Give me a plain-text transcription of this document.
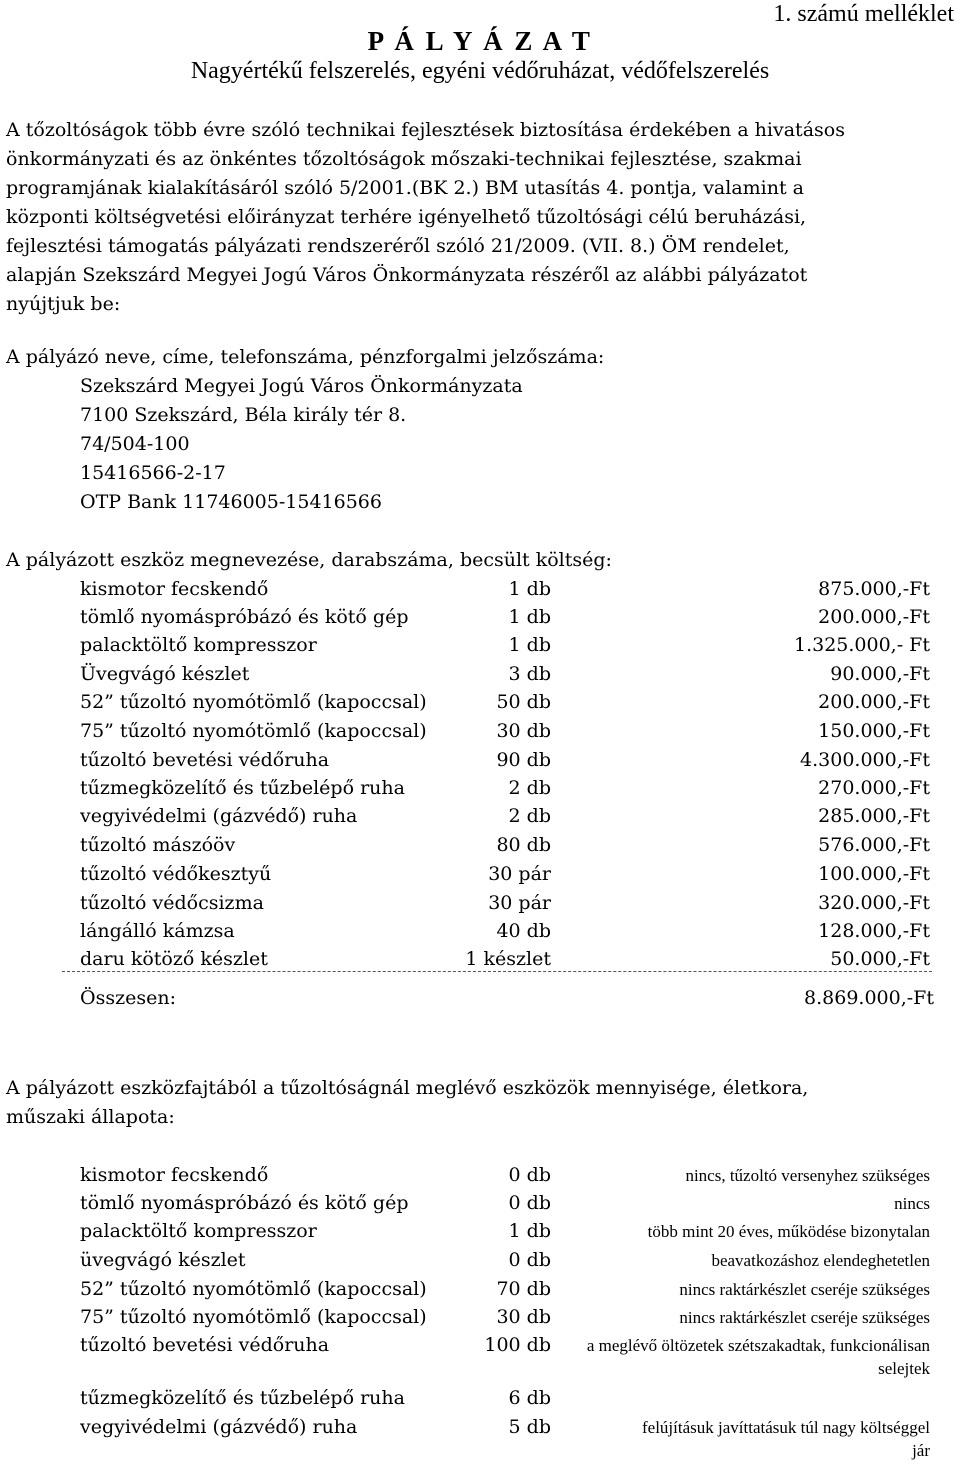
1. számú melléklet
P Á L Y Á Z A T
Nagyértékű felszerelés, egyéni védőruházat, védőfelszerelés

A tőzoltóságok több évre szóló technikai fejlesztések biztosítása érdekében a hivatásos
önkormányzati és az önkéntes tőzoltóságok mőszaki-technikai fejlesztése, szakmai
programjának kialakításáról szóló 5/2001.(BK 2.) BM utasítás 4. pontja, valamint a
központi költségvetési előirányzat terhére igényelhető tűzoltósági célú beruházási,
fejlesztési támogatás pályázati rendszeréről szóló 21/2009. (VII. 8.) ÖM rendelet,
alapján Szekszárd Megyei Jogú Város Önkormányzata részéről az alábbi pályázatot
nyújtjuk be:

A pályázó neve, címe, telefonszáma, pénzforgalmi jelzőszáma:

Szekszárd Megyei Jogú Város Önkormányzata
7100 Szekszárd, Béla király tér 8.
74/504-100
15416566-2-17
OTP Bank 11746005-15416566

A pályázott eszköz megnevezése, darabszáma, becsült költség:

kismotor fecskendő	1 db	875.000,-Ft
tömlő nyomáspróbázó és kötő gép	1 db	200.000,-Ft
palacktöltő kompresszor	1 db	1.325.000,- Ft
Üvegvágó készlet	3 db	90.000,-Ft
52” tűzoltó nyomótömlő (kapoccsal)	50 db	200.000,-Ft
75” tűzoltó nyomótömlő (kapoccsal)	30 db	150.000,-Ft
tűzoltó bevetési védőruha	90 db	4.300.000,-Ft
tűzmegközelítő és tűzbelépő ruha	2 db	270.000,-Ft
vegyivédelmi (gázvédő) ruha	2 db	285.000,-Ft
tűzoltó mászóöv	80 db	576.000,-Ft
tűzoltó védőkesztyű	30 pár	100.000,-Ft
tűzoltó védőcsizma	30 pár	320.000,-Ft
lángálló kámzsa	40 db	128.000,-Ft
daru kötöző készlet	1 készlet	50.000,-Ft
Összesen:	8.869.000,-Ft

A pályázott eszközfajtából a tűzoltóságnál meglévő eszközök mennyisége, életkora,

műszaki állapota:

kismotor fecskendő	0 db	nincs, tűzoltó versenyhez szükséges
tömlő nyomáspróbázó és kötő gép	0 db	nincs
palacktöltő kompresszor	1 db	több mint 20 éves, működése bizonytalan
üvegvágó készlet	0 db	beavatkozáshoz elendeghetetlen
52” tűzoltó nyomótömlő (kapoccsal)	70 db	nincs raktárkészlet cseréje szükséges
75” tűzoltó nyomótömlő (kapoccsal)	30 db	nincs raktárkészlet cseréje szükséges
tűzoltó bevetési védőruha	100 db	a meglévő öltözetek szétszakadtak, funkcionálisan selejtek
tűzmegközelítő és tűzbelépő ruha	6 db
vegyivédelmi (gázvédő) ruha	5 db	felújításuk javíttatásuk túl nagy költséggel jár
